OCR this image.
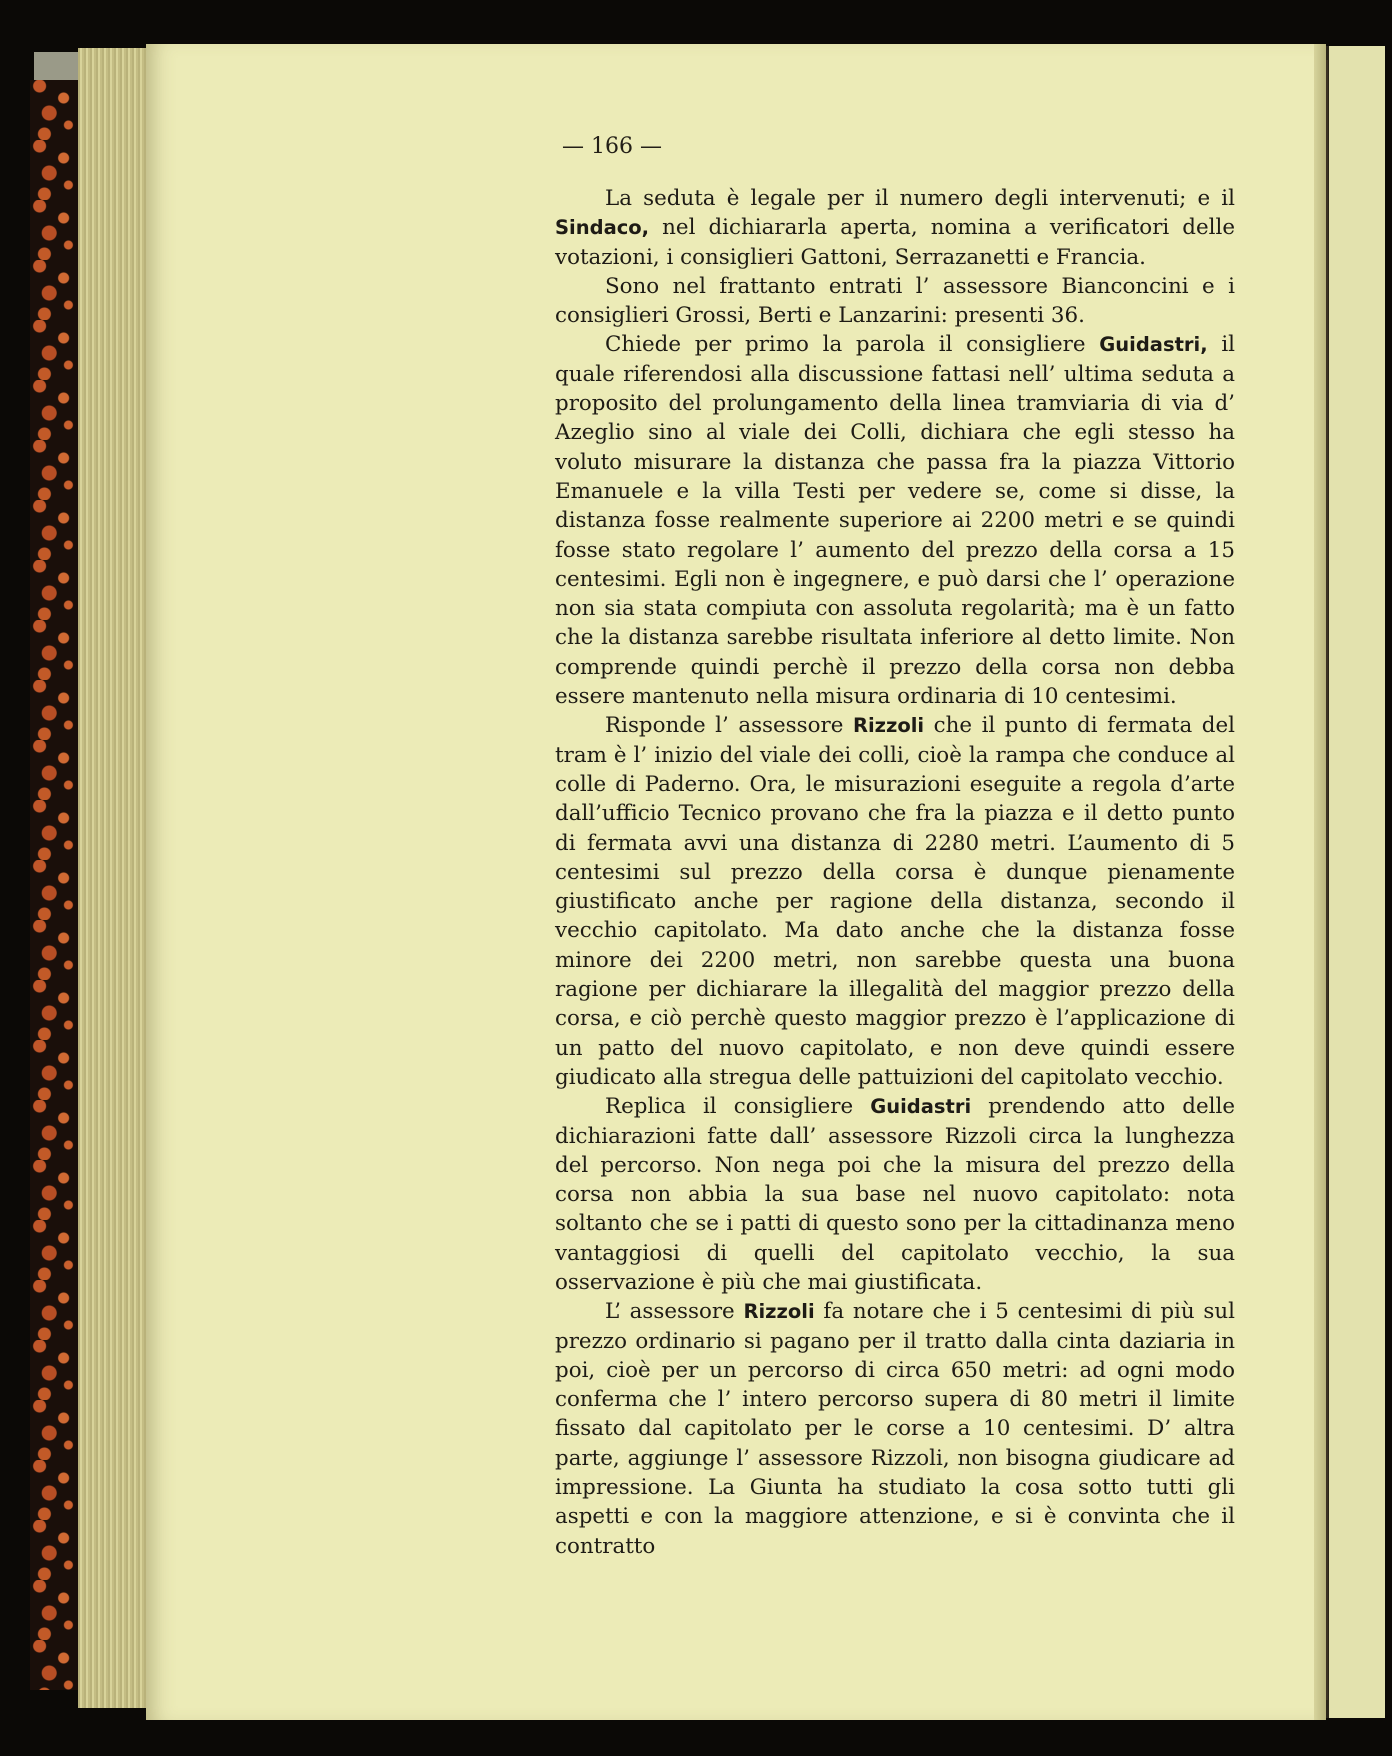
— 166 —

La seduta è legale per il numero degli intervenuti; e il Sindaco, nel dichiararla aperta, nomina a verificatori delle votazioni, i consiglieri Gattoni, Serrazanetti e Francia.

Sono nel frattanto entrati l’ assessore Bianconcini e i consiglieri Grossi, Berti e Lanzarini: presenti 36.

Chiede per primo la parola il consigliere Guidastri, il quale riferendosi alla discussione fattasi nell’ ultima seduta a proposito del prolungamento della linea tramviaria di via d’ Azeglio sino al viale dei Colli, dichiara che egli stesso ha voluto misurare la distanza che passa fra la piazza Vittorio Emanuele e la villa Testi per vedere se, come si disse, la distanza fosse realmente superiore ai 2200 metri e se quindi fosse stato regolare l’ aumento del prezzo della corsa a 15 centesimi. Egli non è ingegnere, e può darsi che l’ operazione non sia stata compiuta con assoluta regolarità; ma è un fatto che la distanza sarebbe risultata inferiore al detto limite. Non comprende quindi perchè il prezzo della corsa non debba essere mantenuto nella misura ordinaria di 10 centesimi.

Risponde l’ assessore Rizzoli che il punto di fermata del tram è l’ inizio del viale dei colli, cioè la rampa che conduce al colle di Paderno. Ora, le misurazioni eseguite a regola d’arte dall’ufficio Tecnico provano che fra la piazza e il detto punto di fermata avvi una distanza di 2280 metri. L’aumento di 5 centesimi sul prezzo della corsa è dunque pienamente giustificato anche per ragione della distanza, secondo il vecchio capitolato. Ma dato anche che la distanza fosse minore dei 2200 metri, non sarebbe questa una buona ragione per dichiarare la illegalità del maggior prezzo della corsa, e ciò perchè questo maggior prezzo è l’applicazione di un patto del nuovo capitolato, e non deve quindi essere giudicato alla stregua delle pattuizioni del capitolato vecchio.

Replica il consigliere Guidastri prendendo atto delle dichiarazioni fatte dall’ assessore Rizzoli circa la lunghezza del percorso. Non nega poi che la misura del prezzo della corsa non abbia la sua base nel nuovo capitolato: nota soltanto che se i patti di questo sono per la cittadinanza meno vantaggiosi di quelli del capitolato vecchio, la sua osservazione è più che mai giustificata.

L’ assessore Rizzoli fa notare che i 5 centesimi di più sul prezzo ordinario si pagano per il tratto dalla cinta daziaria in poi, cioè per un percorso di circa 650 metri: ad ogni modo conferma che l’ intero percorso supera di 80 metri il limite fissato dal capitolato per le corse a 10 centesimi. D’ altra parte, aggiunge l’ assessore Rizzoli, non bisogna giudicare ad impressione. La Giunta ha studiato la cosa sotto tutti gli aspetti e con la maggiore attenzione, e si è convinta che il contratto
